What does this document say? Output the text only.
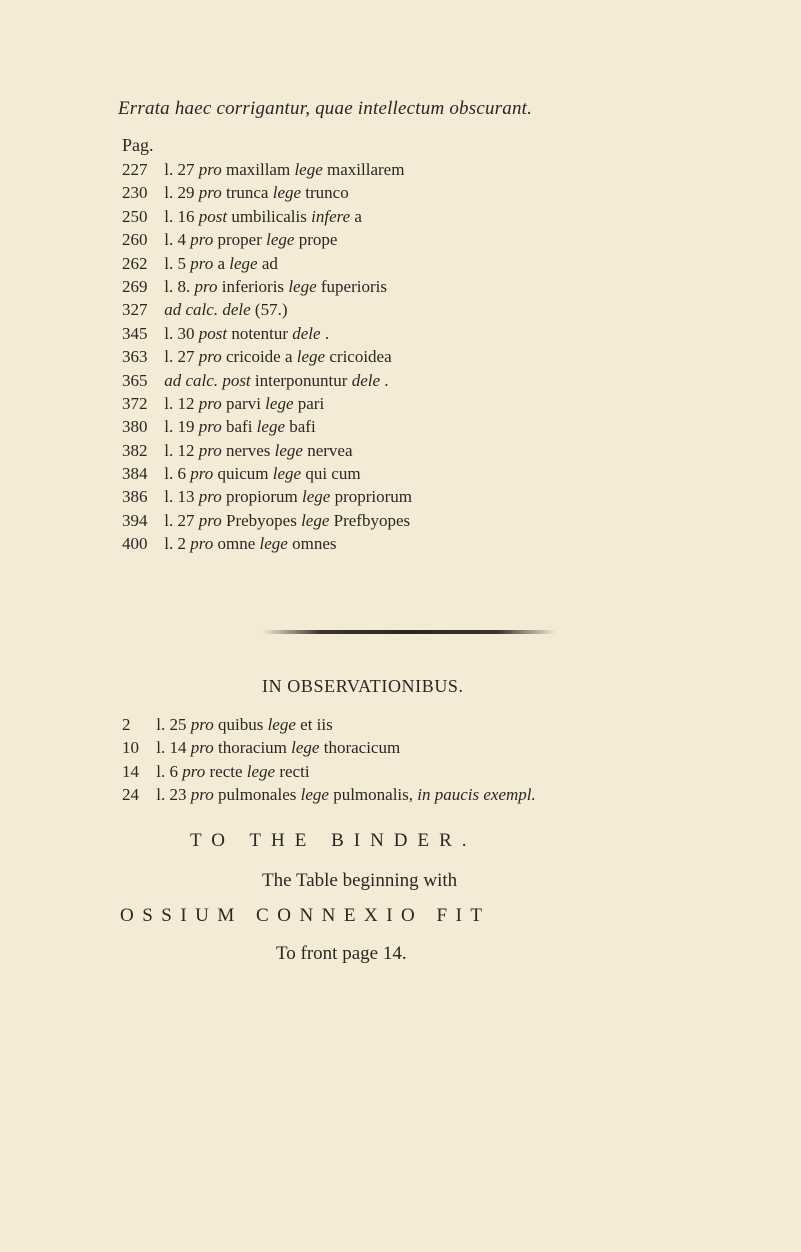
Errata haec corrigantur, quae intellectum obscurant.
Pag.
227 l. 27 pro maxillam lege maxillarem
230 l. 29 pro trunca lege trunco
250 l. 16 post umbilicalis infere a
260 l. 4 pro proper lege prope
262 l. 5 pro a lege ad
269 l. 8. pro inferioris lege fuperioris
327 ad calc. dele (57.)
345 l. 30 post notentur dele .
363 l. 27 pro cricoide a lege cricoidea
365 ad calc. post interponuntur dele .
372 l. 12 pro parvi lege pari
380 l. 19 pro bafi lege bafi
382 l. 12 pro nerves lege nervea
384 l. 6 pro quicum lege qui cum
386 l. 13 pro propiorum lege propriorum
394 l. 27 pro Prebyopes lege Prefbyopes
400 l. 2 pro omne lege omnes
IN OBSERVATIONIBUS.
2 l. 25 pro quibus lege et iis
10 l. 14 pro thoracium lege thoracicum
14 l. 6 pro recte lege recti
24 l. 23 pro pulmonales lege pulmonalis, in paucis exempl.
TO THE BINDER.
The Table beginning with
OSSIUM CONNEXIO FIT
To front page 14.
